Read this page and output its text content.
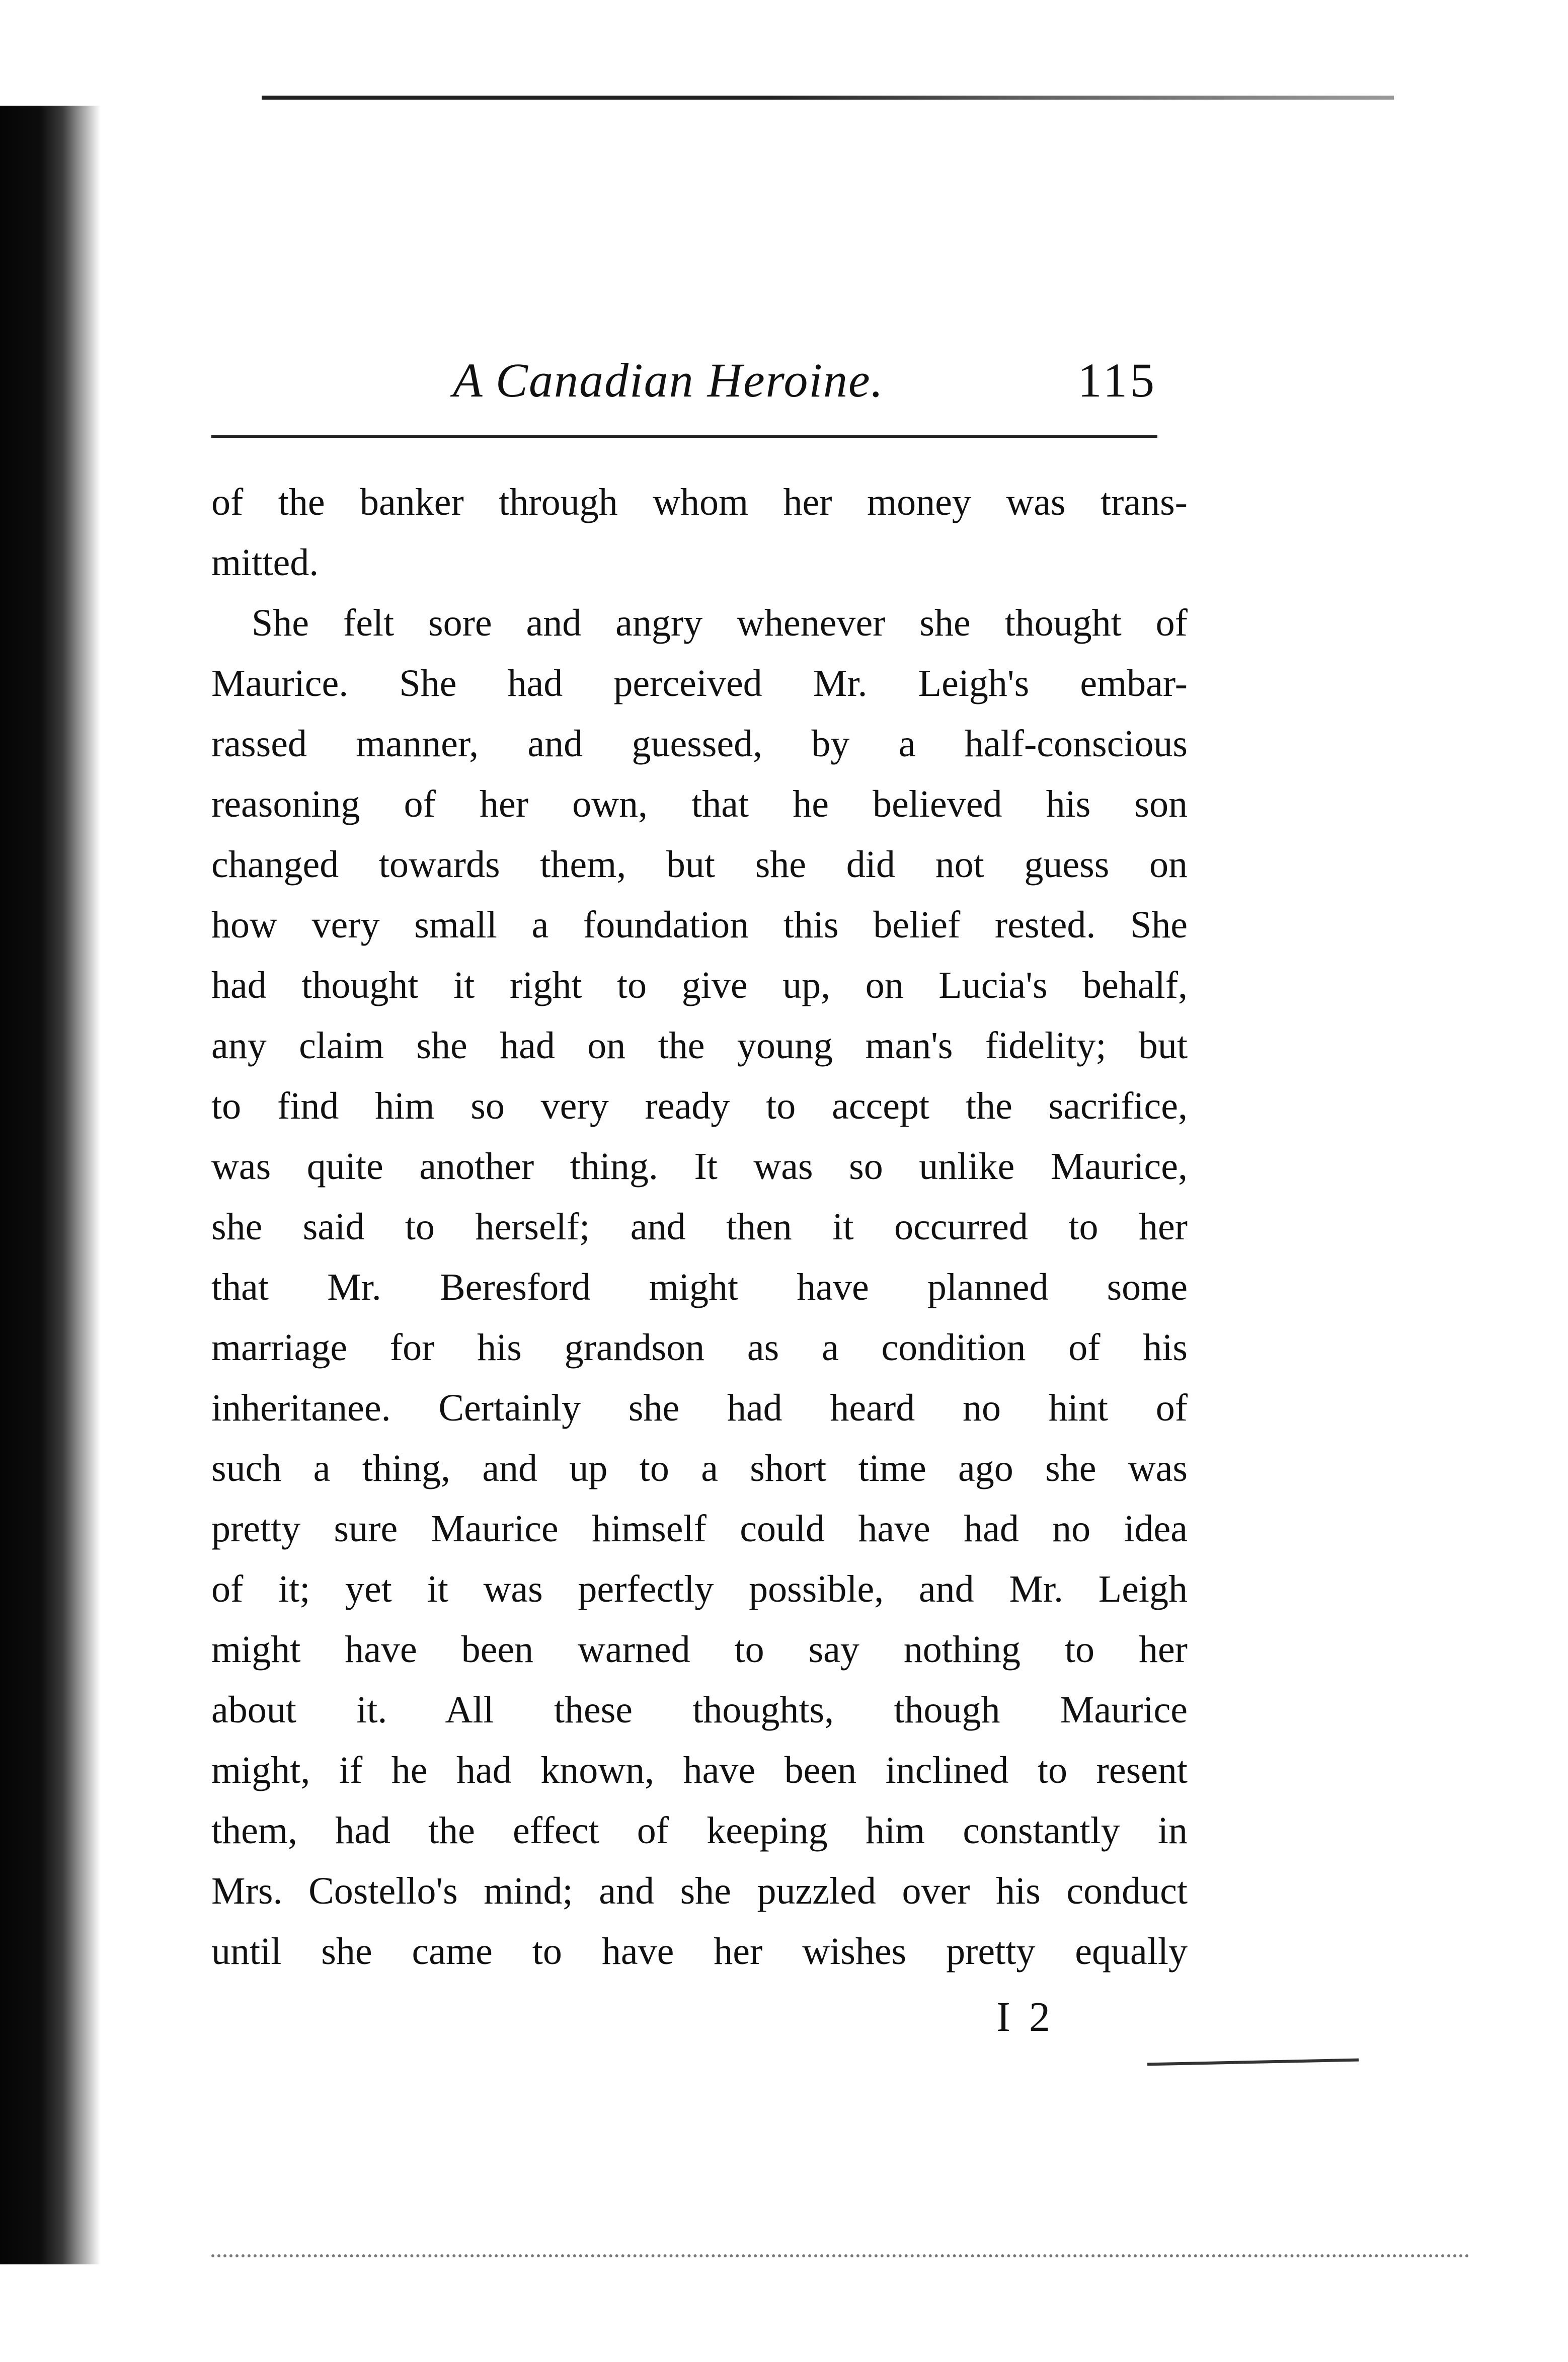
A Canadian Heroine.	115
of the banker through whom her money was trans-
mitted.
She felt sore and angry whenever she thought of
Maurice. She had perceived Mr. Leigh's embar-
rassed manner, and guessed, by a half-conscious
reasoning of her own, that he believed his son
changed towards them, but she did not guess on
how very small a foundation this belief rested. She
had thought it right to give up, on Lucia's behalf,
any claim she had on the young man's fidelity; but
to find him so very ready to accept the sacrifice,
was quite another thing. It was so unlike Maurice,
she said to herself; and then it occurred to her
that Mr. Beresford might have planned some
marriage for his grandson as a condition of his
inheritanee. Certainly she had heard no hint of
such a thing, and up to a short time ago she was
pretty sure Maurice himself could have had no idea
of it; yet it was perfectly possible, and Mr. Leigh
might have been warned to say nothing to her
about it. All these thoughts, though Maurice
might, if he had known, have been inclined to resent
them, had the effect of keeping him constantly in
Mrs. Costello's mind; and she puzzled over his conduct
until she came to have her wishes pretty equally
I 2
